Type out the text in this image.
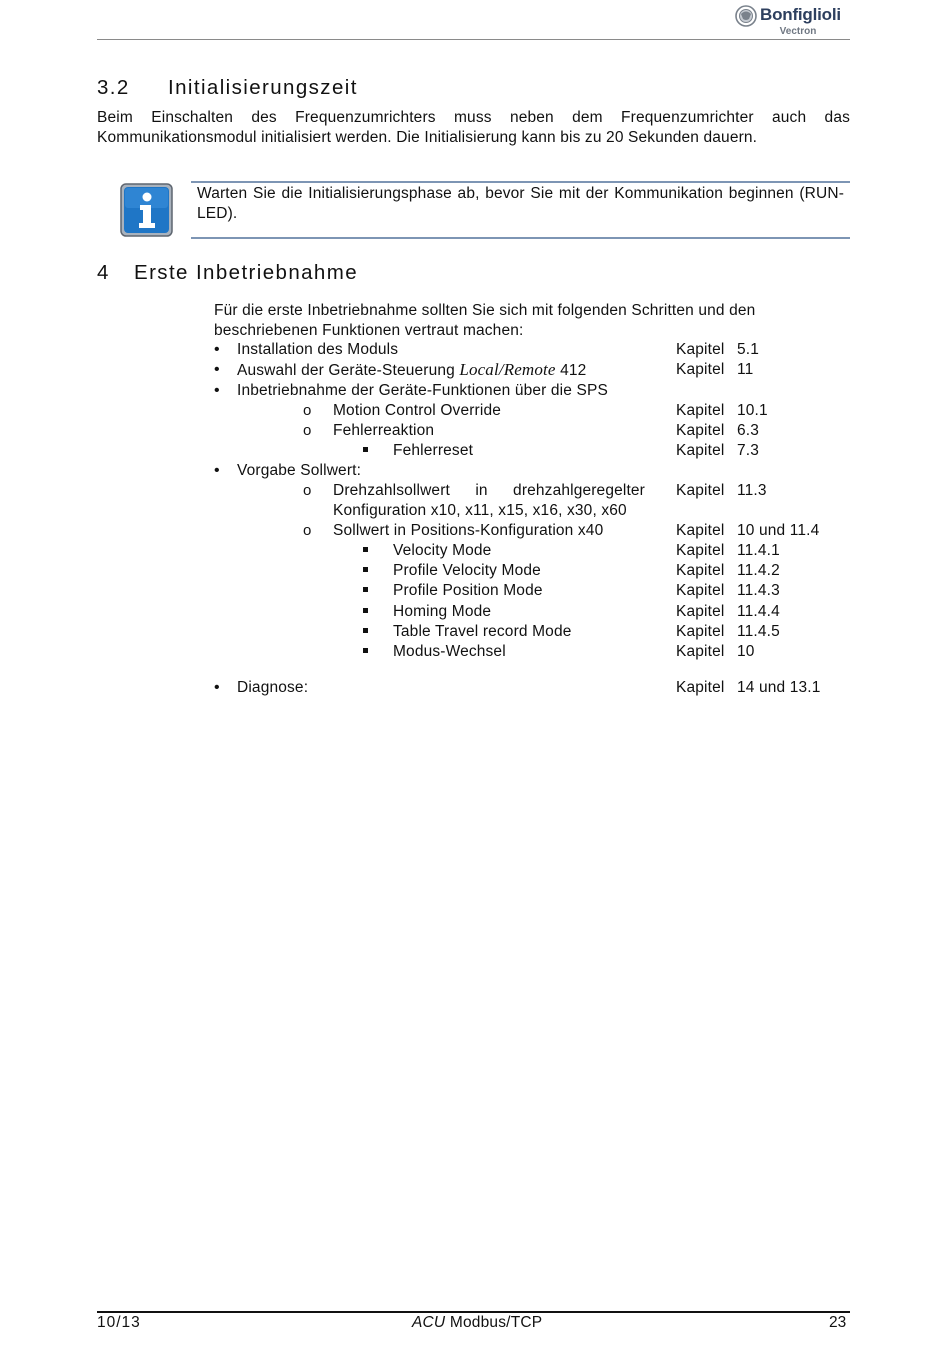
Bonfiglioli
Vectron
3.2 Initialisierungszeit
Beim Einschalten des Frequenzumrichters muss neben dem Frequenzumrichter auch das Kommunikationsmodul initialisiert werden. Die Initialisierung kann bis zu 20 Sekunden dauern.
Warten Sie die Initialisierungsphase ab, bevor Sie mit der Kommunikation beginnen (RUN-LED).
4 Erste Inbetriebnahme
Für die erste Inbetriebnahme sollten Sie sich mit folgenden Schritten und den beschriebenen Funktionen vertraut machen:
• Installation des Moduls	Kapitel 5.1
• Auswahl der Geräte-Steuerung Local/Remote 412	Kapitel 11
• Inbetriebnahme der Geräte-Funktionen über die SPS
o Motion Control Override	Kapitel 10.1
o Fehlerreaktion	Kapitel 6.3
Fehlerreset	Kapitel 7.3
• Vorgabe Sollwert:
o Drehzahlsollwert in drehzahlgeregelter Kapitel 11.3
Konfiguration x10, x11, x15, x16, x30, x60
o Sollwert in Positions-Konfiguration x40	Kapitel 10 und 11.4
Velocity Mode	Kapitel 11.4.1
Profile Velocity Mode	Kapitel 11.4.2
Profile Position Mode	Kapitel 11.4.3
Homing Mode	Kapitel 11.4.4
Table Travel record Mode	Kapitel 11.4.5
Modus-Wechsel	Kapitel 10
• Diagnose:	Kapitel 14 und 13.1
10/13	ACU Modbus/TCP	23
